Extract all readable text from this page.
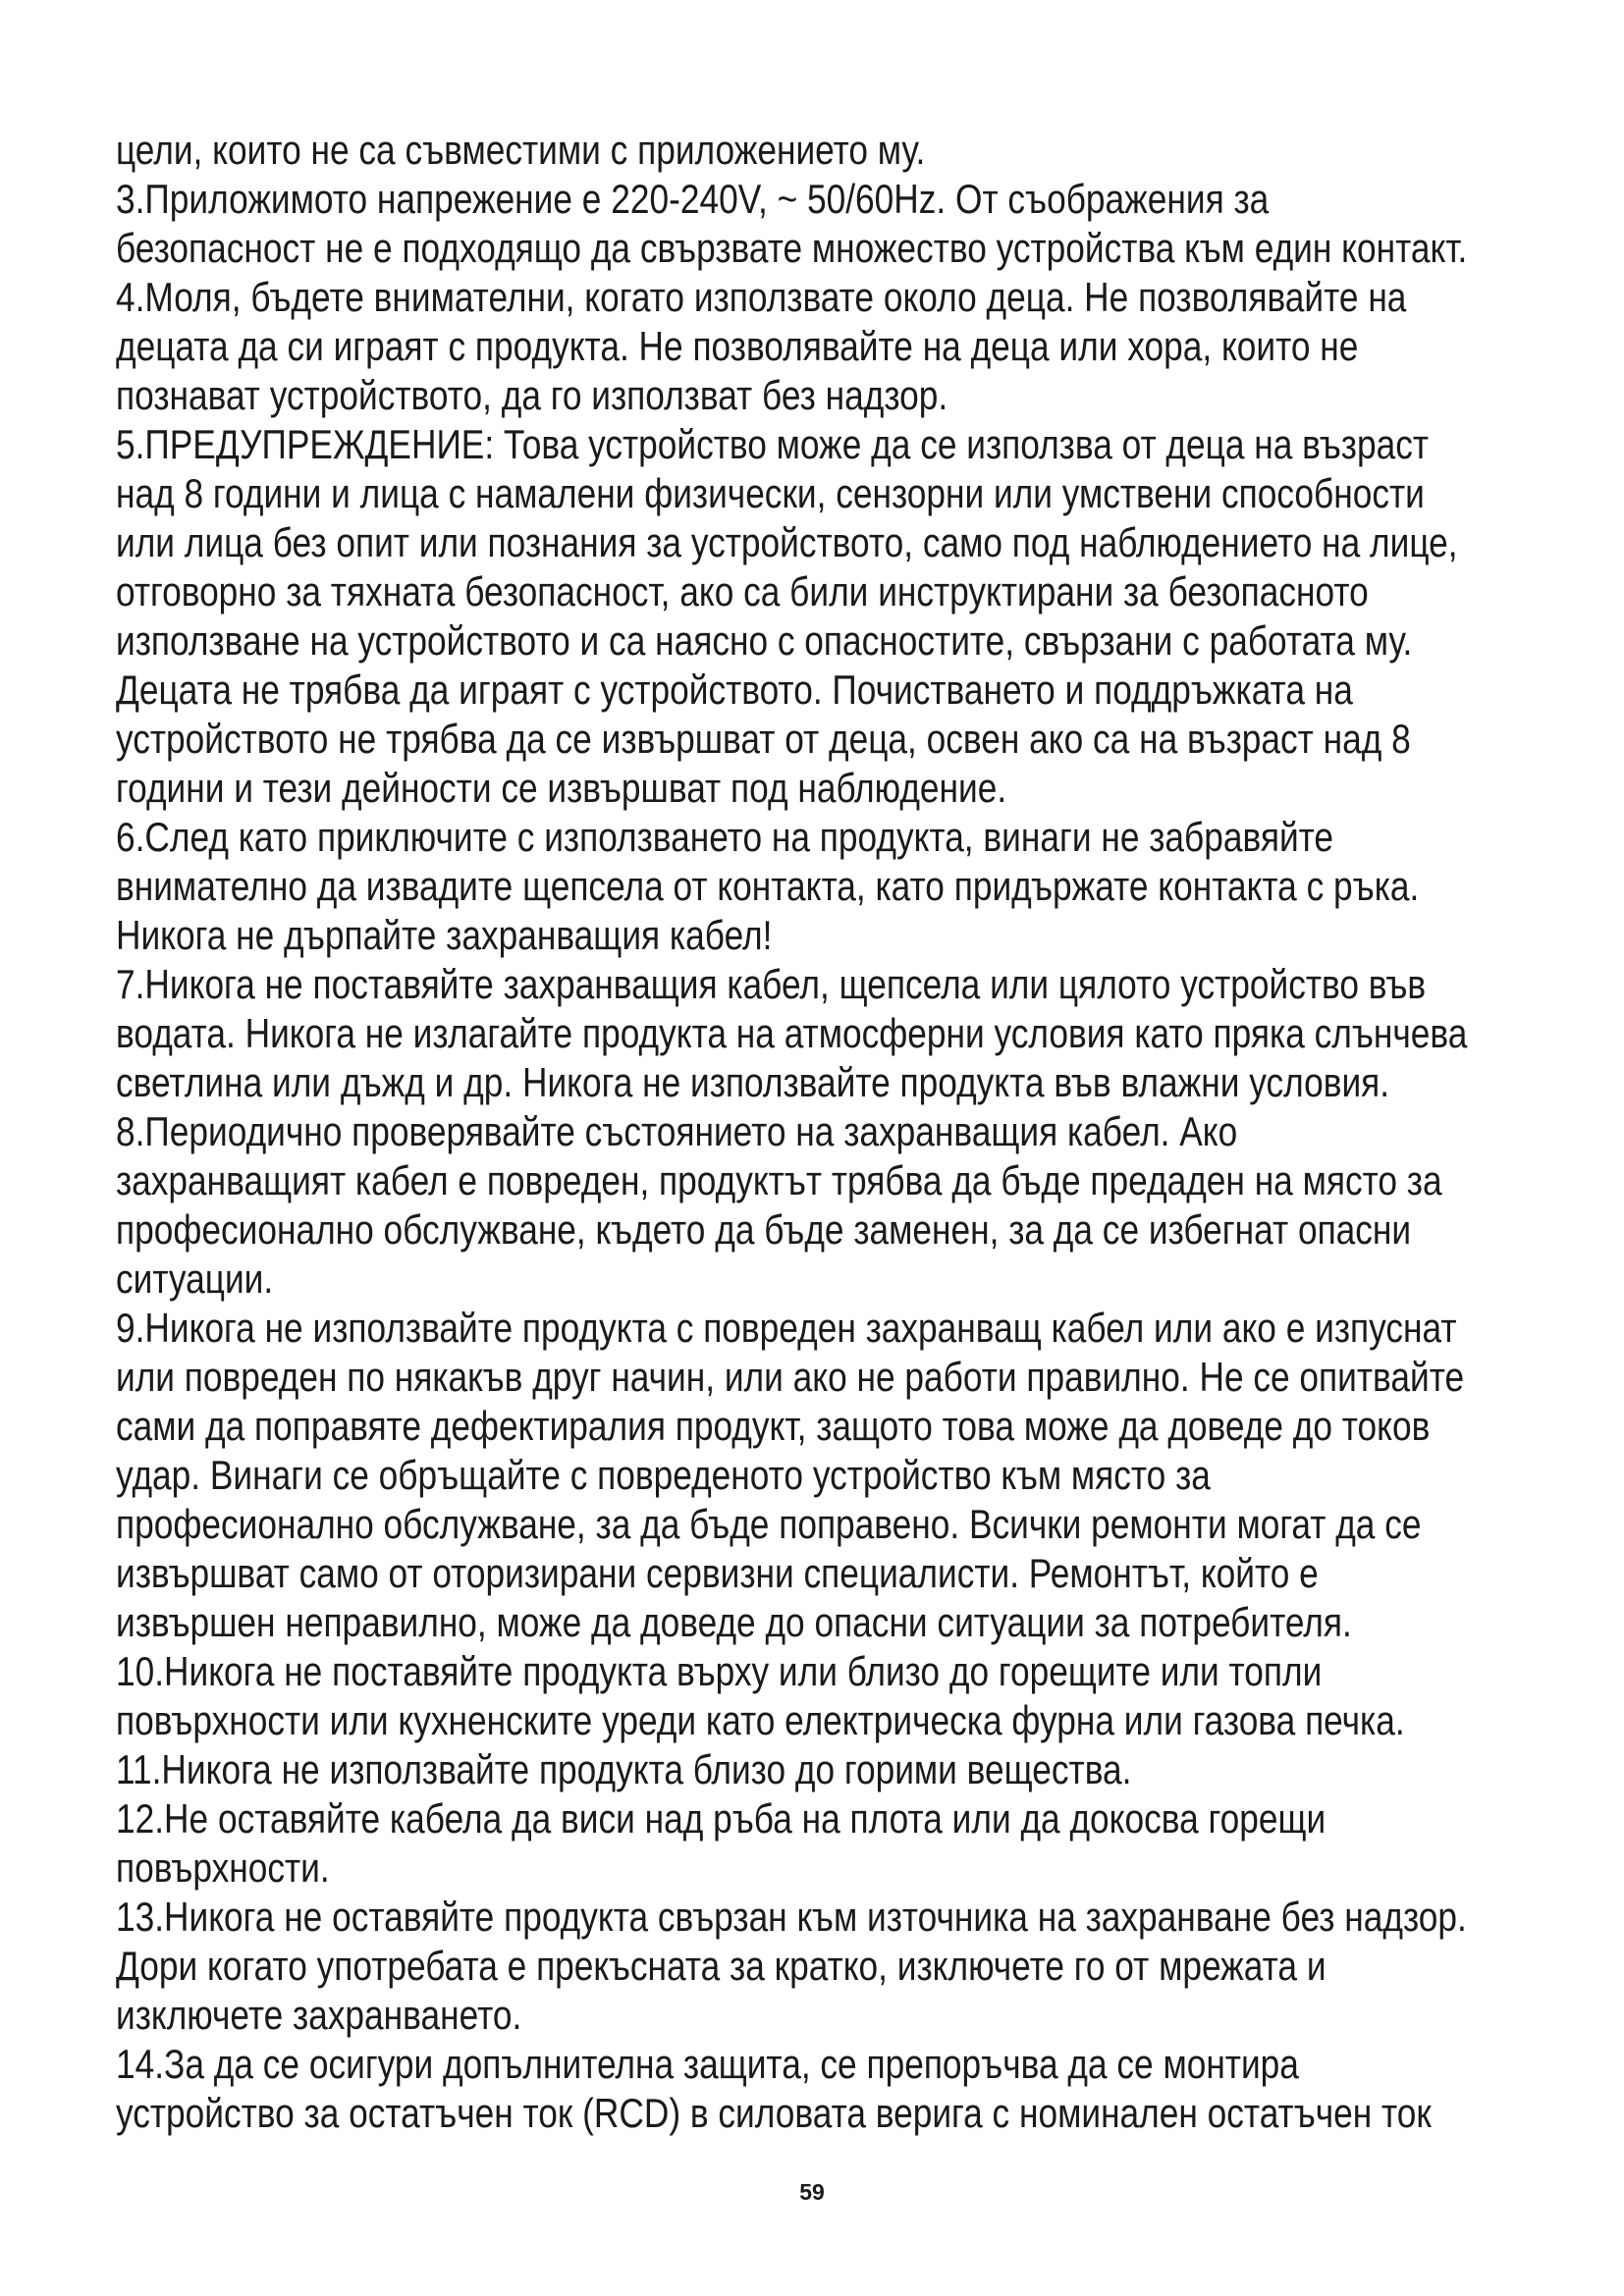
цели, които не са съвместими с приложението му.
3.Приложимото напрежение е 220-240V, ~ 50/60Hz. От съображения за
безопасност не е подходящо да свързвате множество устройства към един контакт.
4.Моля, бъдете внимателни, когато използвате около деца. Не позволявайте на
децата да си играят с продукта. Не позволявайте на деца или хора, които не
познават устройството, да го използват без надзор.
5.ПРЕДУПРЕЖДЕНИЕ: Това устройство може да се използва от деца на възраст
над 8 години и лица с намалени физически, сензорни или умствени способности
или лица без опит или познания за устройството, само под наблюдението на лице,
отговорно за тяхната безопасност, ако са били инструктирани за безопасното
използване на устройството и са наясно с опасностите, свързани с работата му.
Децата не трябва да играят с устройството. Почистването и поддръжката на
устройството не трябва да се извършват от деца, освен ако са на възраст над 8
години и тези дейности се извършват под наблюдение.
6.След като приключите с използването на продукта, винаги не забравяйте
внимателно да извадите щепсела от контакта, като придържате контакта с ръка.
Никога не дърпайте захранващия кабел!
7.Никога не поставяйте захранващия кабел, щепсела или цялото устройство във
водата. Никога не излагайте продукта на атмосферни условия като пряка слънчева
светлина или дъжд и др. Никога не използвайте продукта във влажни условия.
8.Периодично проверявайте състоянието на захранващия кабел. Ако
захранващият кабел е повреден, продуктът трябва да бъде предаден на място за
професионално обслужване, където да бъде заменен, за да се избегнат опасни
ситуации.
9.Никога не използвайте продукта с повреден захранващ кабел или ако е изпуснат
или повреден по някакъв друг начин, или ако не работи правилно. Не се опитвайте
сами да поправяте дефектиралия продукт, защото това може да доведе до токов
удар. Винаги се обръщайте с повреденото устройство към място за
професионално обслужване, за да бъде поправено. Всички ремонти могат да се
извършват само от оторизирани сервизни специалисти. Ремонтът, който е
извършен неправилно, може да доведе до опасни ситуации за потребителя.
10.Никога не поставяйте продукта върху или близо до горещите или топли
повърхности или кухненските уреди като електрическа фурна или газова печка.
11.Никога не използвайте продукта близо до горими вещества.
12.Не оставяйте кабела да виси над ръба на плота или да докосва горещи
повърхности.
13.Никога не оставяйте продукта свързан към източника на захранване без надзор.
Дори когато употребата е прекъсната за кратко, изключете го от мрежата и
изключете захранването.
14.За да се осигури допълнителна защита, се препоръчва да се монтира
устройство за остатъчен ток (RCD) в силовата верига с номинален остатъчен ток
59
